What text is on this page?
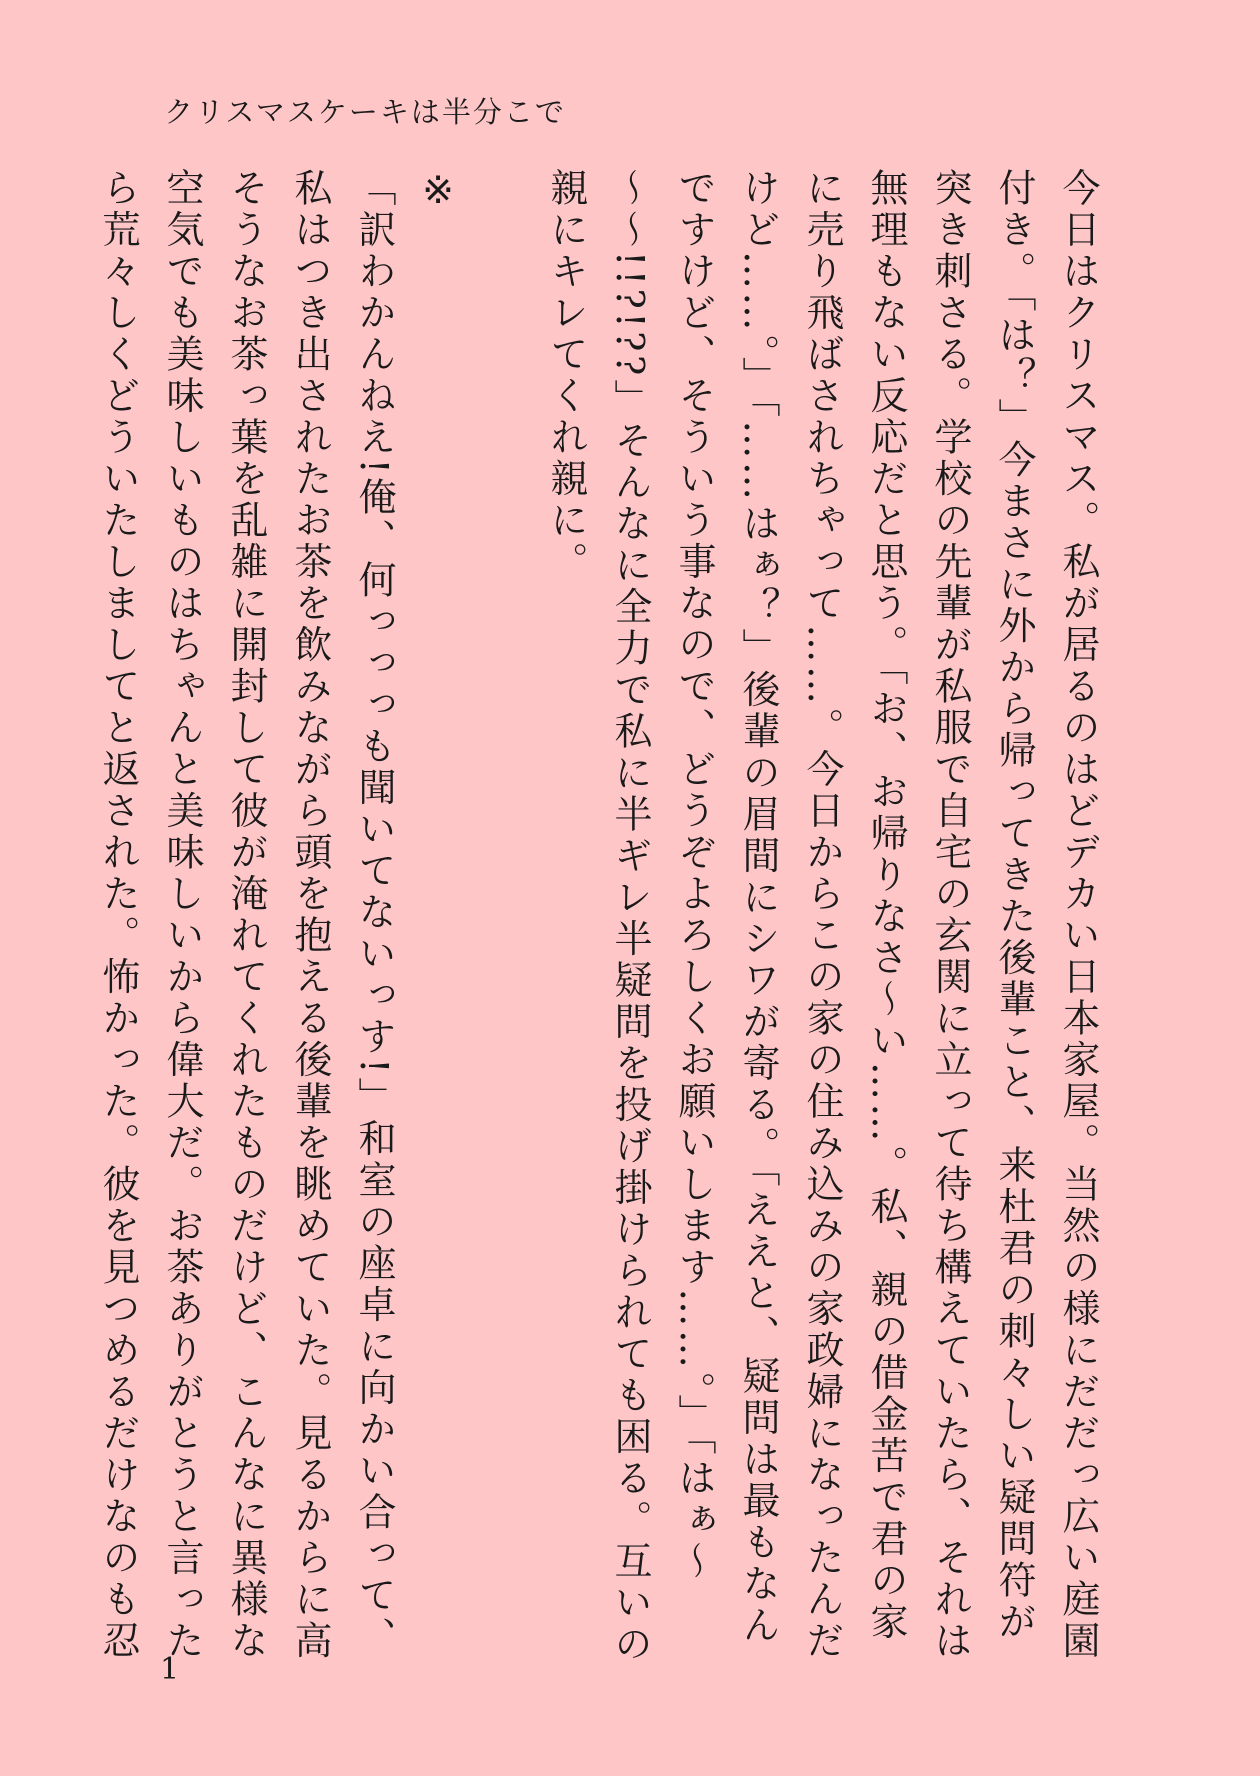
クリスマスケーキは半分こで
今日はクリスマス。私が居るのはどデカい日本家屋。当然の様にだだっ広い庭園
付き。「は？」今まさに外から帰ってきた後輩こと、来杜君の刺々しい疑問符が
突き刺さる。学校の先輩が私服で自宅の玄関に立って待ち構えていたら、それは
無理もない反応だと思う。「お、お帰りなさ〜い……。私、親の借金苦で君の家
に売り飛ばされちゃって……。今日からこの家の住み込みの家政婦になったんだ
けど……。」「……はぁ？」後輩の眉間にシワが寄る。「ええと、疑問は最もなん
ですけど、そういう事なので、どうぞよろしくお願いします……。」「はぁ〜
〜〜!!?!??」そんなに全力で私に半ギレ半疑問を投げ掛けられても困る。互いの
親にキレてくれ親に。

※
「訳わかんねえ!俺、何っっっも聞いてないっす!」和室の座卓に向かい合って、
私はつき出されたお茶を飲みながら頭を抱える後輩を眺めていた。見るからに高
そうなお茶っ葉を乱雑に開封して彼が淹れてくれたものだけど、こんなに異様な
空気でも美味しいものはちゃんと美味しいから偉大だ。お茶ありがとうと言った
ら荒々しくどういたしましてと返された。怖かった。彼を見つめるだけなのも忍
1
